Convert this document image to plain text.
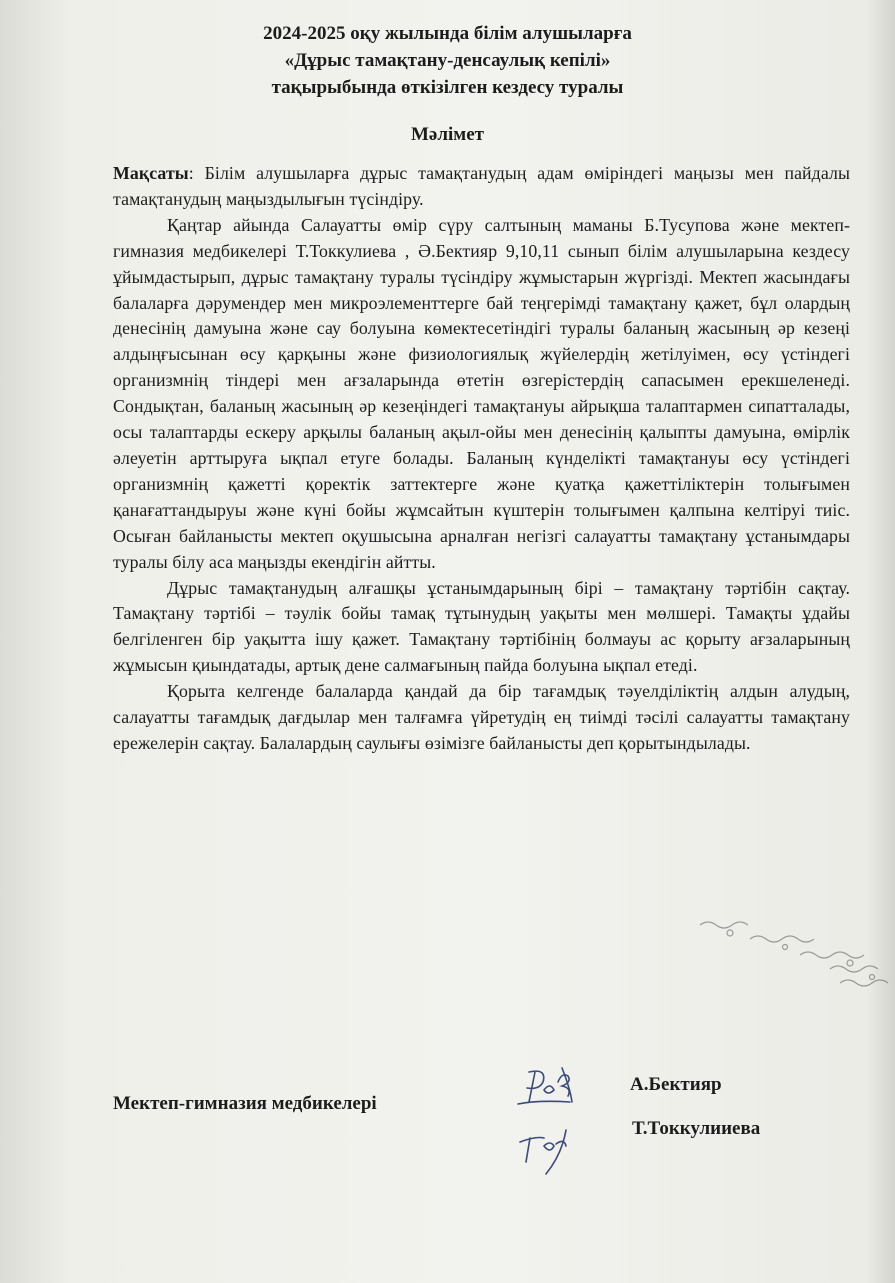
2024-2025 оқу жылында білім алушыларға
«Дұрыс тамақтану-денсаулық кепілі»
тақырыбында өткізілген кездесу туралы
Мәлімет

Мақсаты: Білім алушыларға дұрыс тамақтанудың адам өміріндегі маңызы мен пайдалы тамақтанудың маңыздылығын түсіндіру.

Қаңтар айында Салауатты өмір сүру салтының маманы Б.Тусупова және мектеп-гимназия медбикелері Т.Токкулиева , Ә.Бектияр 9,10,11 сынып білім алушыларына кездесу ұйымдастырып, дұрыс тамақтану туралы түсіндіру жұмыстарын жүргізді. Мектеп жасындағы балаларға дәрумендер мен микроэлементтерге бай теңгерімді тамақтану қажет, бұл олардың денесінің дамуына және сау болуына көмектесетіндігі туралы баланың жасының әр кезеңі алдыңғысынан өсу қарқыны және физиологиялық жүйелердің жетілуімен, өсу үстіндегі организмнің тіндері мен ағзаларында өтетін өзгерістердің сапасымен ерекшеленеді. Сондықтан, баланың жасының әр кезеңіндегі тамақтануы айрықша талаптармен сипатталады, осы талаптарды ескеру арқылы баланың ақыл-ойы мен денесінің қалыпты дамуына, өмірлік әлеуетін арттыруға ықпал етуге болады. Баланың күнделікті тамақтануы өсу үстіндегі организмнің қажетті қоректік заттектерге және қуатқа қажеттіліктерін толығымен қанағаттандыруы және күні бойы жұмсайтын күштерін толығымен қалпына келтіруі тиіс. Осыған байланысты мектеп оқушысына арналған негізгі салауатты тамақтану ұстанымдары туралы білу аса маңызды екендігін айтты.

Дұрыс тамақтанудың алғашқы ұстанымдарының бірі – тамақтану тәртібін сақтау. Тамақтану тәртібі – тәулік бойы тамақ тұтынудың уақыты мен мөлшері. Тамақты ұдайы белгіленген бір уақытта ішу қажет. Тамақтану тәртібінің болмауы ас қорыту ағзаларының жұмысын қиындатады, артық дене салмағының пайда болуына ықпал етеді.

Қорыта келгенде балаларда қандай да бір тағамдық тәуелділіктің алдын алудың, салауатты тағамдық дағдылар мен талғамға үйретудің ең тиімді тәсілі салауатты тамақтану ережелерін сақтау. Балалардың саулығы өзімізге байланысты деп қорытындылады.

Мектеп-гимназия медбикелері
Бек
А.Бектияр
Т.Токкулииева
